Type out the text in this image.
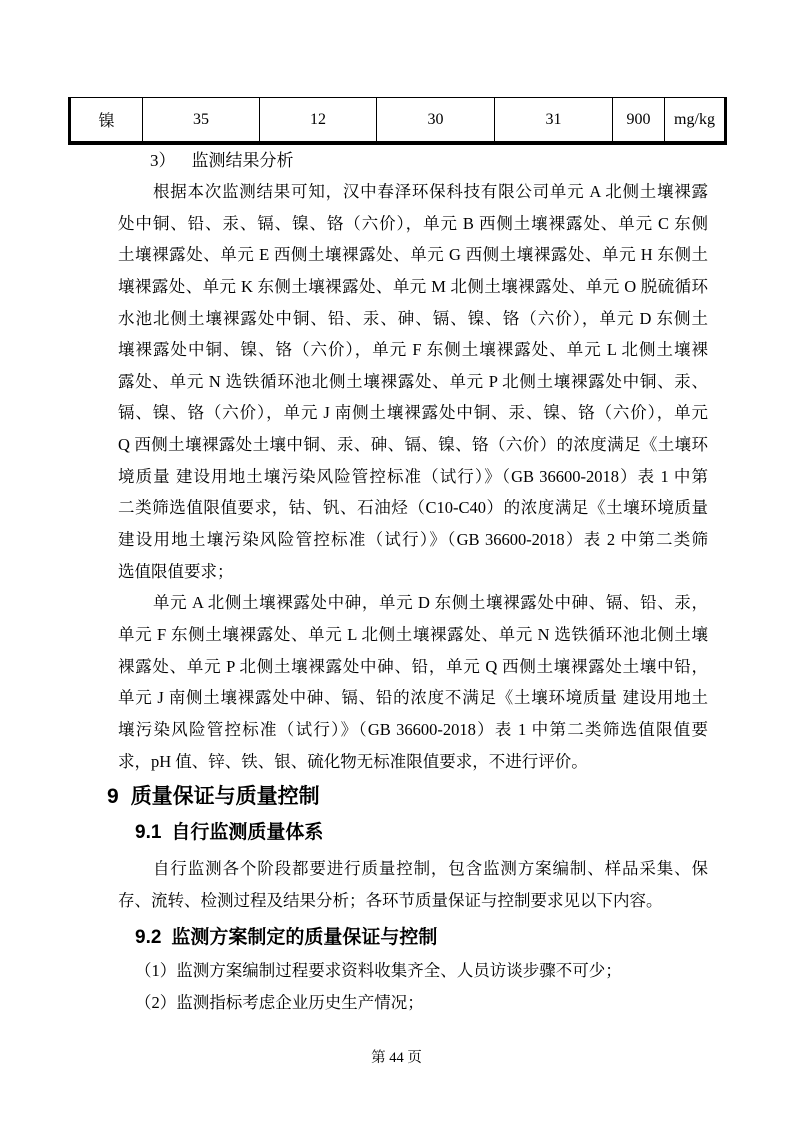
镍	35	12	30	31	900	mg/kg
3） 监测结果分析
根据本次监测结果可知，汉中春泽环保科技有限公司单元 A 北侧土壤裸露
处中铜、铅、汞、镉、镍、铬（六价），单元 B 西侧土壤裸露处、单元 C 东侧
土壤裸露处、单元 E 西侧土壤裸露处、单元 G 西侧土壤裸露处、单元 H 东侧土
壤裸露处、单元 K 东侧土壤裸露处、单元 M 北侧土壤裸露处、单元 O 脱硫循环
水池北侧土壤裸露处中铜、铅、汞、砷、镉、镍、铬（六价），单元 D 东侧土
壤裸露处中铜、镍、铬（六价），单元 F 东侧土壤裸露处、单元 L 北侧土壤裸
露处、单元 N 选铁循环池北侧土壤裸露处、单元 P 北侧土壤裸露处中铜、汞、
镉、镍、铬（六价），单元 J 南侧土壤裸露处中铜、汞、镍、铬（六价），单元
Q 西侧土壤裸露处土壤中铜、汞、砷、镉、镍、铬（六价）的浓度满足《土壤环
境质量 建设用地土壤污染风险管控标准（试行）》（GB 36600-2018）表 1 中第
二类筛选值限值要求，钴、钒、石油烃（C10-C40）的浓度满足《土壤环境质量
建设用地土壤污染风险管控标准（试行）》（GB 36600-2018）表 2 中第二类筛
选值限值要求；
单元 A 北侧土壤裸露处中砷，单元 D 东侧土壤裸露处中砷、镉、铅、汞，
单元 F 东侧土壤裸露处、单元 L 北侧土壤裸露处、单元 N 选铁循环池北侧土壤
裸露处、单元 P 北侧土壤裸露处中砷、铅，单元 Q 西侧土壤裸露处土壤中铅，
单元 J 南侧土壤裸露处中砷、镉、铅的浓度不满足《土壤环境质量 建设用地土
壤污染风险管控标准（试行）》（GB 36600-2018）表 1 中第二类筛选值限值要
求，pH 值、锌、铁、银、硫化物无标准限值要求，不进行评价。
9 质量保证与质量控制
9.1 自行监测质量体系
自行监测各个阶段都要进行质量控制，包含监测方案编制、样品采集、保
存、流转、检测过程及结果分析；各环节质量保证与控制要求见以下内容。
9.2 监测方案制定的质量保证与控制
（1）监测方案编制过程要求资料收集齐全、人员访谈步骤不可少；
（2）监测指标考虑企业历史生产情况；
第 44 页
